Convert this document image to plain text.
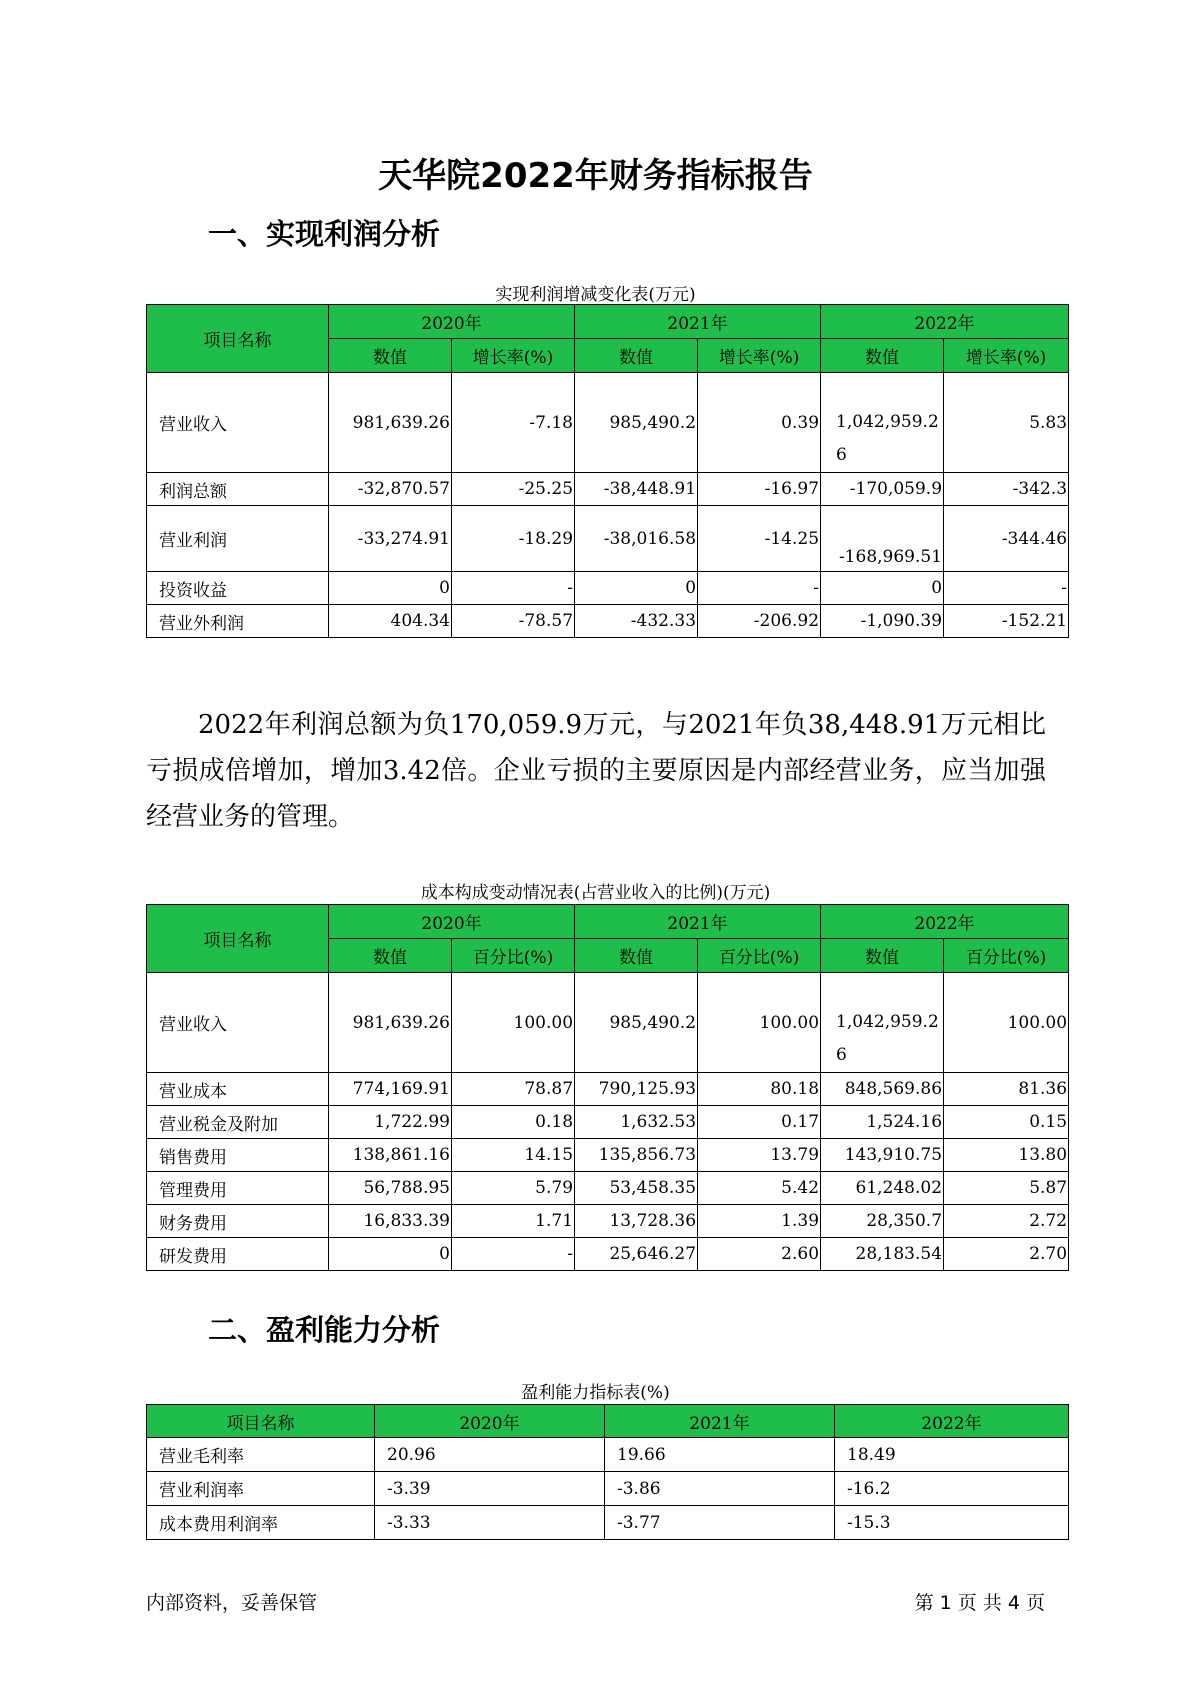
天华院2022年财务指标报告
一、实现利润分析
实现利润增减变化表(万元)
项目名称	2020年		2021年		2022年	
	数值	增长率(%)	数值	增长率(%)	数值	增长率(%)
营业收入	981,639.26	-7.18	985,490.2	0.39	1,042,959.26	5.83
利润总额	-32,870.57	-25.25	-38,448.91	-16.97	-170,059.9	-342.3
营业利润	-33,274.91	-18.29	-38,016.58	-14.25	-168,969.51	-344.46
投资收益	0	-	0	-	0	-
营业外利润	404.34	-78.57	-432.33	-206.92	-1,090.39	-152.21
2022年利润总额为负170,059.9万元，与2021年负38,448.91万元相比亏损成倍增加，增加3.42倍。企业亏损的主要原因是内部经营业务，应当加强经营业务的管理。
成本构成变动情况表(占营业收入的比例)(万元)
项目名称	2020年		2021年		2022年	
	数值	百分比(%)	数值	百分比(%)	数值	百分比(%)
营业收入	981,639.26	100.00	985,490.2	100.00	1,042,959.26	100.00
营业成本	774,169.91	78.87	790,125.93	80.18	848,569.86	81.36
营业税金及附加	1,722.99	0.18	1,632.53	0.17	1,524.16	0.15
销售费用	138,861.16	14.15	135,856.73	13.79	143,910.75	13.80
管理费用	56,788.95	5.79	53,458.35	5.42	61,248.02	5.87
财务费用	16,833.39	1.71	13,728.36	1.39	28,350.7	2.72
研发费用	0	-	25,646.27	2.60	28,183.54	2.70
二、盈利能力分析
盈利能力指标表(%)
项目名称	2020年	2021年	2022年
营业毛利率	20.96	19.66	18.49
营业利润率	-3.39	-3.86	-16.2
成本费用利润率	-3.33	-3.77	-15.3
内部资料，妥善保管	第 1 页 共 4 页
